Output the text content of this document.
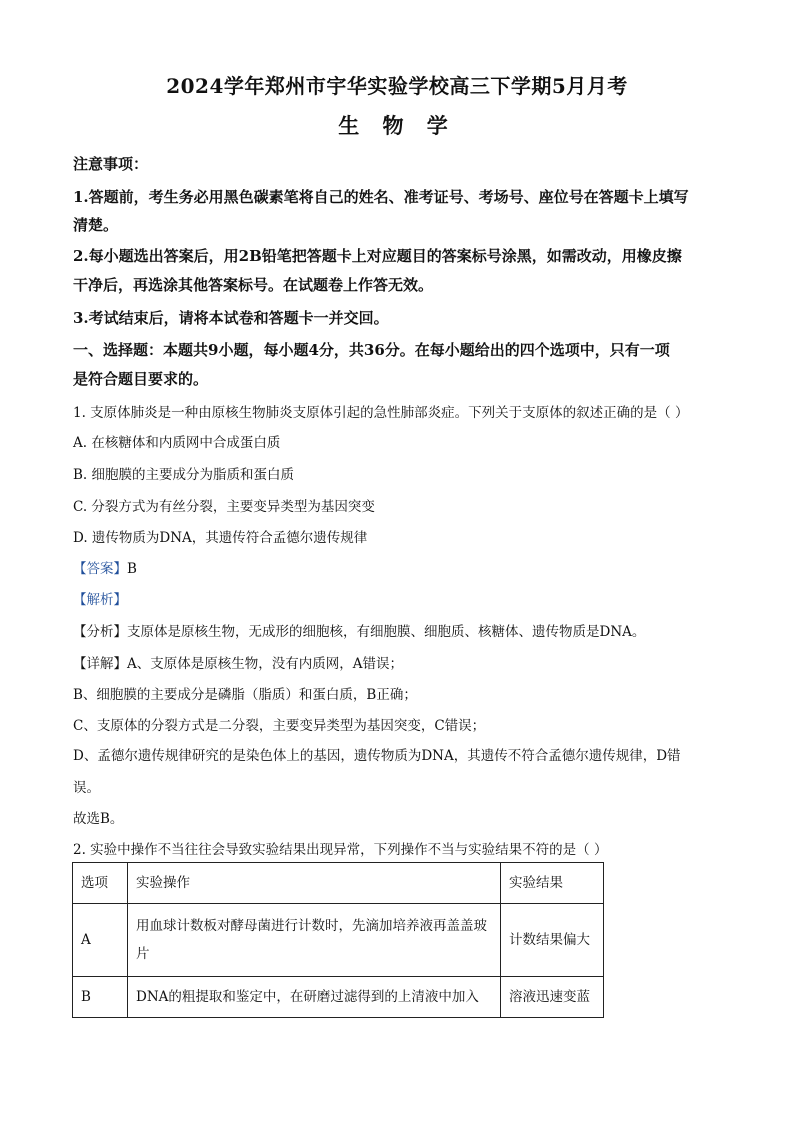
2024学年郑州市宇华实验学校高三下学期5月月考
生 物 学
注意事项：
1.答题前，考生务必用黑色碳素笔将自己的姓名、准考证号、考场号、座位号在答题卡上填写
清楚。
2.每小题选出答案后，用2B铅笔把答题卡上对应题目的答案标号涂黑，如需改动，用橡皮擦
干净后，再选涂其他答案标号。在试题卷上作答无效。
3.考试结束后，请将本试卷和答题卡一并交回。
一、选择题：本题共9小题，每小题4分，共36分。在每小题给出的四个选项中，只有一项
是符合题目要求的。
1. 支原体肺炎是一种由原核生物肺炎支原体引起的急性肺部炎症。下列关于支原体的叙述正确的是（ ）
A. 在核糖体和内质网中合成蛋白质
B. 细胞膜的主要成分为脂质和蛋白质
C. 分裂方式为有丝分裂，主要变异类型为基因突变
D. 遗传物质为DNA，其遗传符合孟德尔遗传规律
【答案】B
【解析】
【分析】支原体是原核生物，无成形的细胞核，有细胞膜、细胞质、核糖体、遗传物质是DNA。
【详解】A、支原体是原核生物，没有内质网，A错误；
B、细胞膜的主要成分是磷脂（脂质）和蛋白质，B正确；
C、支原体的分裂方式是二分裂，主要变异类型为基因突变，C错误；
D、孟德尔遗传规律研究的是染色体上的基因，遗传物质为DNA，其遗传不符合孟德尔遗传规律，D错
误。
故选B。
2. 实验中操作不当往往会导致实验结果出现异常，下列操作不当与实验结果不符的是（ ）
选项	实验操作	实验结果
A	用血球计数板对酵母菌进行计数时，先滴加培养液再盖盖玻片	计数结果偏大
B	DNA的粗提取和鉴定中，在研磨过滤得到的上清液中加入	溶液迅速变蓝
